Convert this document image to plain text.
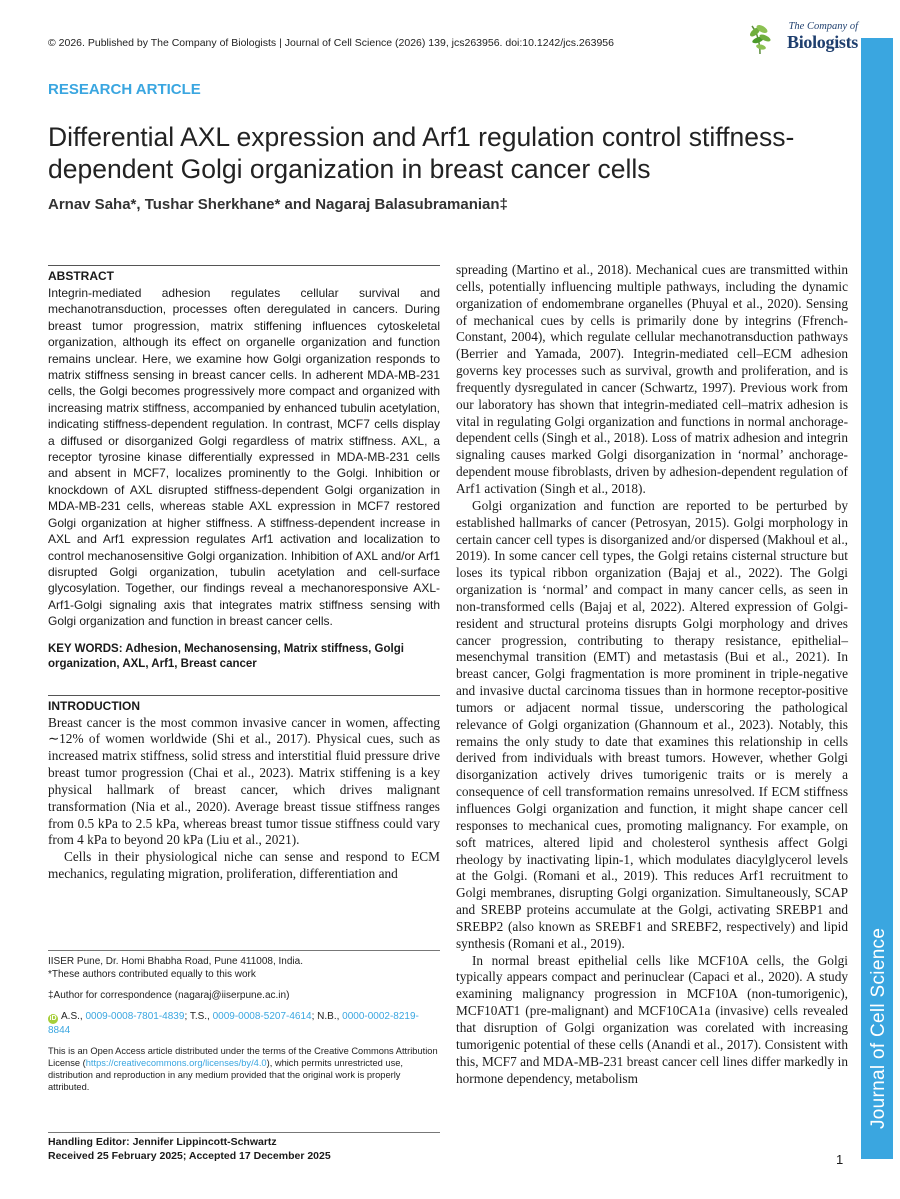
© 2026. Published by The Company of Biologists | Journal of Cell Science (2026) 139, jcs263956. doi:10.1242/jcs.263956
The Company of
Biologists
Journal of Cell Science
RESEARCH ARTICLE
Differential AXL expression and Arf1 regulation control stiffness-dependent Golgi organization in breast cancer cells
Arnav Saha*, Tushar Sherkhane* and Nagaraj Balasubramanian‡
ABSTRACT

Integrin-mediated adhesion regulates cellular survival and mechanotransduction, processes often deregulated in cancers. During breast tumor progression, matrix stiffening influences cytoskeletal organization, although its effect on organelle organization and function remains unclear. Here, we examine how Golgi organization responds to matrix stiffness sensing in breast cancer cells. In adherent MDA-MB-231 cells, the Golgi becomes progressively more compact and organized with increasing matrix stiffness, accompanied by enhanced tubulin acetylation, indicating stiffness-dependent regulation. In contrast, MCF7 cells display a diffused or disorganized Golgi regardless of matrix stiffness. AXL, a receptor tyrosine kinase differentially expressed in MDA-MB-231 cells and absent in MCF7, localizes prominently to the Golgi. Inhibition or knockdown of AXL disrupted stiffness-dependent Golgi organization in MDA-MB-231 cells, whereas stable AXL expression in MCF7 restored Golgi organization at higher stiffness. A stiffness-dependent increase in AXL and Arf1 expression regulates Arf1 activation and localization to control mechanosensitive Golgi organization. Inhibition of AXL and/or Arf1 disrupted Golgi organization, tubulin acetylation and cell-surface glycosylation. Together, our findings reveal a mechanoresponsive AXL-Arf1-Golgi signaling axis that integrates matrix stiffness sensing with Golgi organization and function in breast cancer cells.

KEY WORDS: Adhesion, Mechanosensing, Matrix stiffness, Golgi organization, AXL, Arf1, Breast cancer
INTRODUCTION

Breast cancer is the most common invasive cancer in women, affecting ∼12% of women worldwide (Shi et al., 2017). Physical cues, such as increased matrix stiffness, solid stress and interstitial fluid pressure drive breast tumor progression (Chai et al., 2023). Matrix stiffening is a key physical hallmark of breast cancer, which drives malignant transformation (Nia et al., 2020). Average breast tissue stiffness ranges from 0.5 kPa to 2.5 kPa, whereas breast tumor tissue stiffness could vary from 4 kPa to beyond 20 kPa (Liu et al., 2021).

Cells in their physiological niche can sense and respond to ECM mechanics, regulating migration, proliferation, differentiation and

spreading (Martino et al., 2018). Mechanical cues are transmitted within cells, potentially influencing multiple pathways, including the dynamic organization of endomembrane organelles (Phuyal et al., 2020). Sensing of mechanical cues by cells is primarily done by integrins (Ffrench-Constant, 2004), which regulate cellular mechanotransduction pathways (Berrier and Yamada, 2007). Integrin-mediated cell–ECM adhesion governs key processes such as survival, growth and proliferation, and is frequently dysregulated in cancer (Schwartz, 1997). Previous work from our laboratory has shown that integrin-mediated cell–matrix adhesion is vital in regulating Golgi organization and functions in normal anchorage-dependent cells (Singh et al., 2018). Loss of matrix adhesion and integrin signaling causes marked Golgi disorganization in ‘normal’ anchorage-dependent mouse fibroblasts, driven by adhesion-dependent regulation of Arf1 activation (Singh et al., 2018).

Golgi organization and function are reported to be perturbed by established hallmarks of cancer (Petrosyan, 2015). Golgi morphology in certain cancer cell types is disorganized and/or dispersed (Makhoul et al., 2019). In some cancer cell types, the Golgi retains cisternal structure but loses its typical ribbon organization (Bajaj et al., 2022). The Golgi organization is ‘normal’ and compact in many cancer cells, as seen in non-transformed cells (Bajaj et al, 2022). Altered expression of Golgi-resident and structural proteins disrupts Golgi morphology and drives cancer progression, contributing to therapy resistance, epithelial–mesenchymal transition (EMT) and metastasis (Bui et al., 2021). In breast cancer, Golgi fragmentation is more prominent in triple-negative and invasive ductal carcinoma tissues than in hormone receptor-positive tumors or adjacent normal tissue, underscoring the pathological relevance of Golgi organization (Ghannoum et al., 2023). Notably, this remains the only study to date that examines this relationship in cells derived from individuals with breast tumors. However, whether Golgi disorganization actively drives tumorigenic traits or is merely a consequence of cell transformation remains unresolved. If ECM stiffness influences Golgi organization and function, it might shape cancer cell responses to mechanical cues, promoting malignancy. For example, on soft matrices, altered lipid and cholesterol synthesis affect Golgi rheology by inactivating lipin-1, which modulates diacylglycerol levels at the Golgi. (Romani et al., 2019). This reduces Arf1 recruitment to Golgi membranes, disrupting Golgi organization. Simultaneously, SCAP and SREBP proteins accumulate at the Golgi, activating SREBP1 and SREBP2 (also known as SREBF1 and SREBF2, respectively) and lipid synthesis (Romani et al., 2019).

In normal breast epithelial cells like MCF10A cells, the Golgi typically appears compact and perinuclear (Capaci et al., 2020). A study examining malignancy progression in MCF10A (non-tumorigenic), MCF10AT1 (pre-malignant) and MCF10CA1a (invasive) cells revealed that disruption of Golgi organization was corelated with increasing tumorigenic potential of these cells (Anandi et al., 2017). Consistent with this, MCF7 and MDA-MB-231 breast cancer cell lines differ markedly in hormone dependency, metabolism

IISER Pune, Dr. Homi Bhabha Road, Pune 411008, India.

*These authors contributed equally to this work

‡Author for correspondence (nagaraj@iiserpune.ac.in)

iD A.S., 0009-0008-7801-4839; T.S., 0009-0008-5207-4614; N.B., 0000-0002-8219-8844

This is an Open Access article distributed under the terms of the Creative Commons Attribution License (https://creativecommons.org/licenses/by/4.0), which permits unrestricted use, distribution and reproduction in any medium provided that the original work is properly attributed.

Handling Editor: Jennifer Lippincott-Schwartz
Received 25 February 2025; Accepted 17 December 2025	1
